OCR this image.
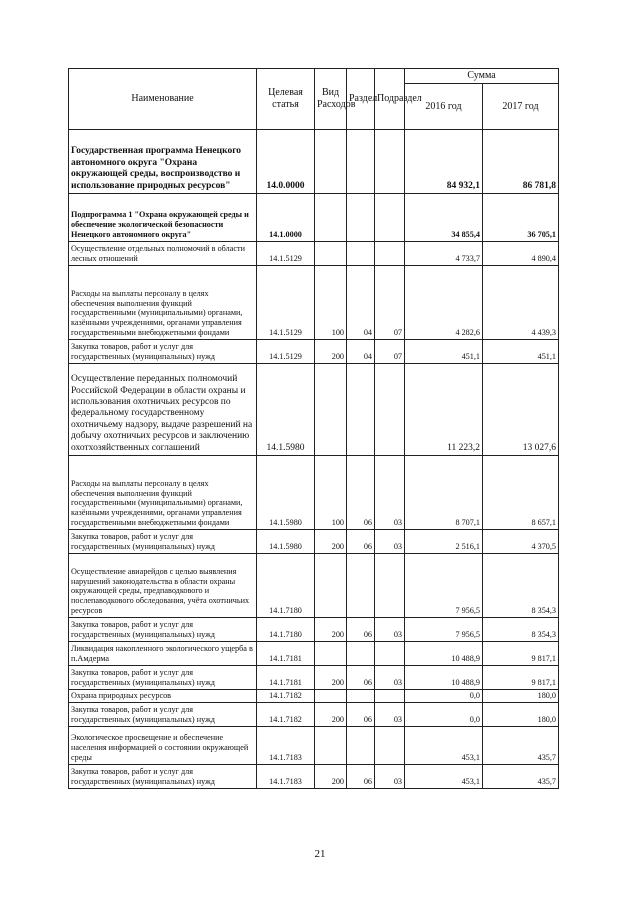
Наименование	Целевая статья	Вид Расходов	Раздел	Подраздел	Сумма	
					2016 год	2017 год
Государственная программа Ненецкого автономного округа "Охрана окружающей среды, воспроизводство и использование природных ресурсов"	14.0.0000				84 932,1	86 781,8
Подпрограмма 1 "Охрана окружающей среды и обеспечение экологической безопасности Ненецкого автономного округа"	14.1.0000				34 855,4	36 705,1
Осуществление отдельных полномочий в области лесных отношений	14.1.5129				4 733,7	4 890,4
Расходы на выплаты персоналу в целях обеспечения выполнения функций государственными (муниципальными) органами, казёнными учреждениями, органами управления государственными внебюджетными фондами	14.1.5129	100	04	07	4 282,6	4 439,3
Закупка товаров, работ и услуг для государственных (муниципальных) нужд	14.1.5129	200	04	07	451,1	451,1
Осуществление переданных полномочий Российской Федерации в области охраны и использования охотничьих ресурсов по федеральному государственному охотничьему надзору, выдаче разрешений на добычу охотничьих ресурсов и заключению охотхозяйственных соглашений	14.1.5980				11 223,2	13 027,6
Расходы на выплаты персоналу в целях обеспечения выполнения функций государственными (муниципальными) органами, казёнными учреждениями, органами управления государственными внебюджетными фондами	14.1.5980	100	06	03	8 707,1	8 657,1
Закупка товаров, работ и услуг для государственных (муниципальных) нужд	14.1.5980	200	06	03	2 516,1	4 370,5
Осуществление авиарейдов с целью выявления нарушений законодательства в области охраны окружающей среды, предпаводкового и послепаводкового обследования, учёта охотничьих ресурсов	14.1.7180				7 956,5	8 354,3
Закупка товаров, работ и услуг для государственных (муниципальных) нужд	14.1.7180	200	06	03	7 956,5	8 354,3
Ликвидация накопленного экологического ущерба в п.Амдерма	14.1.7181				10 488,9	9 817,1
Закупка товаров, работ и услуг для государственных (муниципальных) нужд	14.1.7181	200	06	03	10 488,9	9 817,1
Охрана природных ресурсов	14.1.7182				0,0	180,0
Закупка товаров, работ и услуг для государственных (муниципальных) нужд	14.1.7182	200	06	03	0,0	180,0
Экологическое просвещение и обеспечение населения информацией о состоянии окружающей среды	14.1.7183				453,1	435,7
Закупка товаров, работ и услуг для государственных (муниципальных) нужд	14.1.7183	200	06	03	453,1	435,7
21
